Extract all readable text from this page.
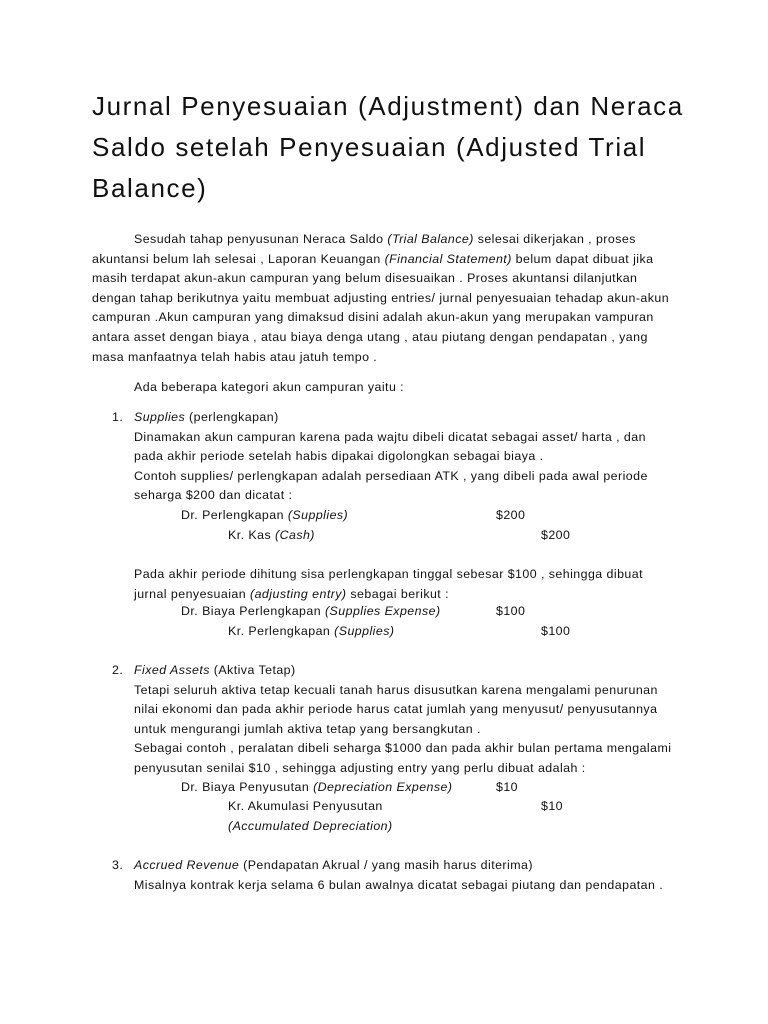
Jurnal Penyesuaian (Adjustment) dan Neraca Saldo setelah Penyesuaian (Adjusted Trial Balance)

Sesudah tahap penyusunan Neraca Saldo (Trial Balance) selesai dikerjakan , proses akuntansi belum lah selesai , Laporan Keuangan (Financial Statement) belum dapat dibuat jika masih terdapat akun-akun campuran yang belum disesuaikan . Proses akuntansi dilanjutkan dengan tahap berikutnya yaitu membuat adjusting entries/ jurnal penyesuaian tehadap akun-akun campuran .Akun campuran yang dimaksud disini adalah akun-akun yang merupakan vampuran antara asset dengan biaya , atau biaya denga utang , atau piutang dengan pendapatan , yang masa manfaatnya telah habis atau jatuh tempo .

Ada beberapa kategori akun campuran yaitu :
1. Supplies (perlengkapan)
Dinamakan akun campuran karena pada wajtu dibeli dicatat sebagai asset/ harta , dan pada akhir periode setelah habis dipakai digolongkan sebagai biaya .
Contoh supplies/ perlengkapan adalah persediaan ATK , yang dibeli pada awal periode seharga $200 dan dicatat :
Dr. Perlengkapan (Supplies)	$200
Kr. Kas (Cash)	$200
Pada akhir periode dihitung sisa perlengkapan tinggal sebesar $100 , sehingga dibuat jurnal penyesuaian (adjusting entry) sebagai berikut :
Dr. Biaya Perlengkapan (Supplies Expense)	$100
Kr. Perlengkapan (Supplies)	$100
2. Fixed Assets (Aktiva Tetap)
Tetapi seluruh aktiva tetap kecuali tanah harus disusutkan karena mengalami penurunan nilai ekonomi dan pada akhir periode harus catat jumlah yang menyusut/ penyusutannya untuk mengurangi jumlah aktiva tetap yang bersangkutan .
Sebagai contoh , peralatan dibeli seharga $1000 dan pada akhir bulan pertama mengalami penyusutan senilai $10 , sehingga adjusting entry yang perlu dibuat adalah :
Dr. Biaya Penyusutan (Depreciation Expense)	$10
Kr. Akumulasi Penyusutan	$10
(Accumulated Depreciation)
3. Accrued Revenue (Pendapatan Akrual / yang masih harus diterima)
Misalnya kontrak kerja selama 6 bulan awalnya dicatat sebagai piutang dan pendapatan .
